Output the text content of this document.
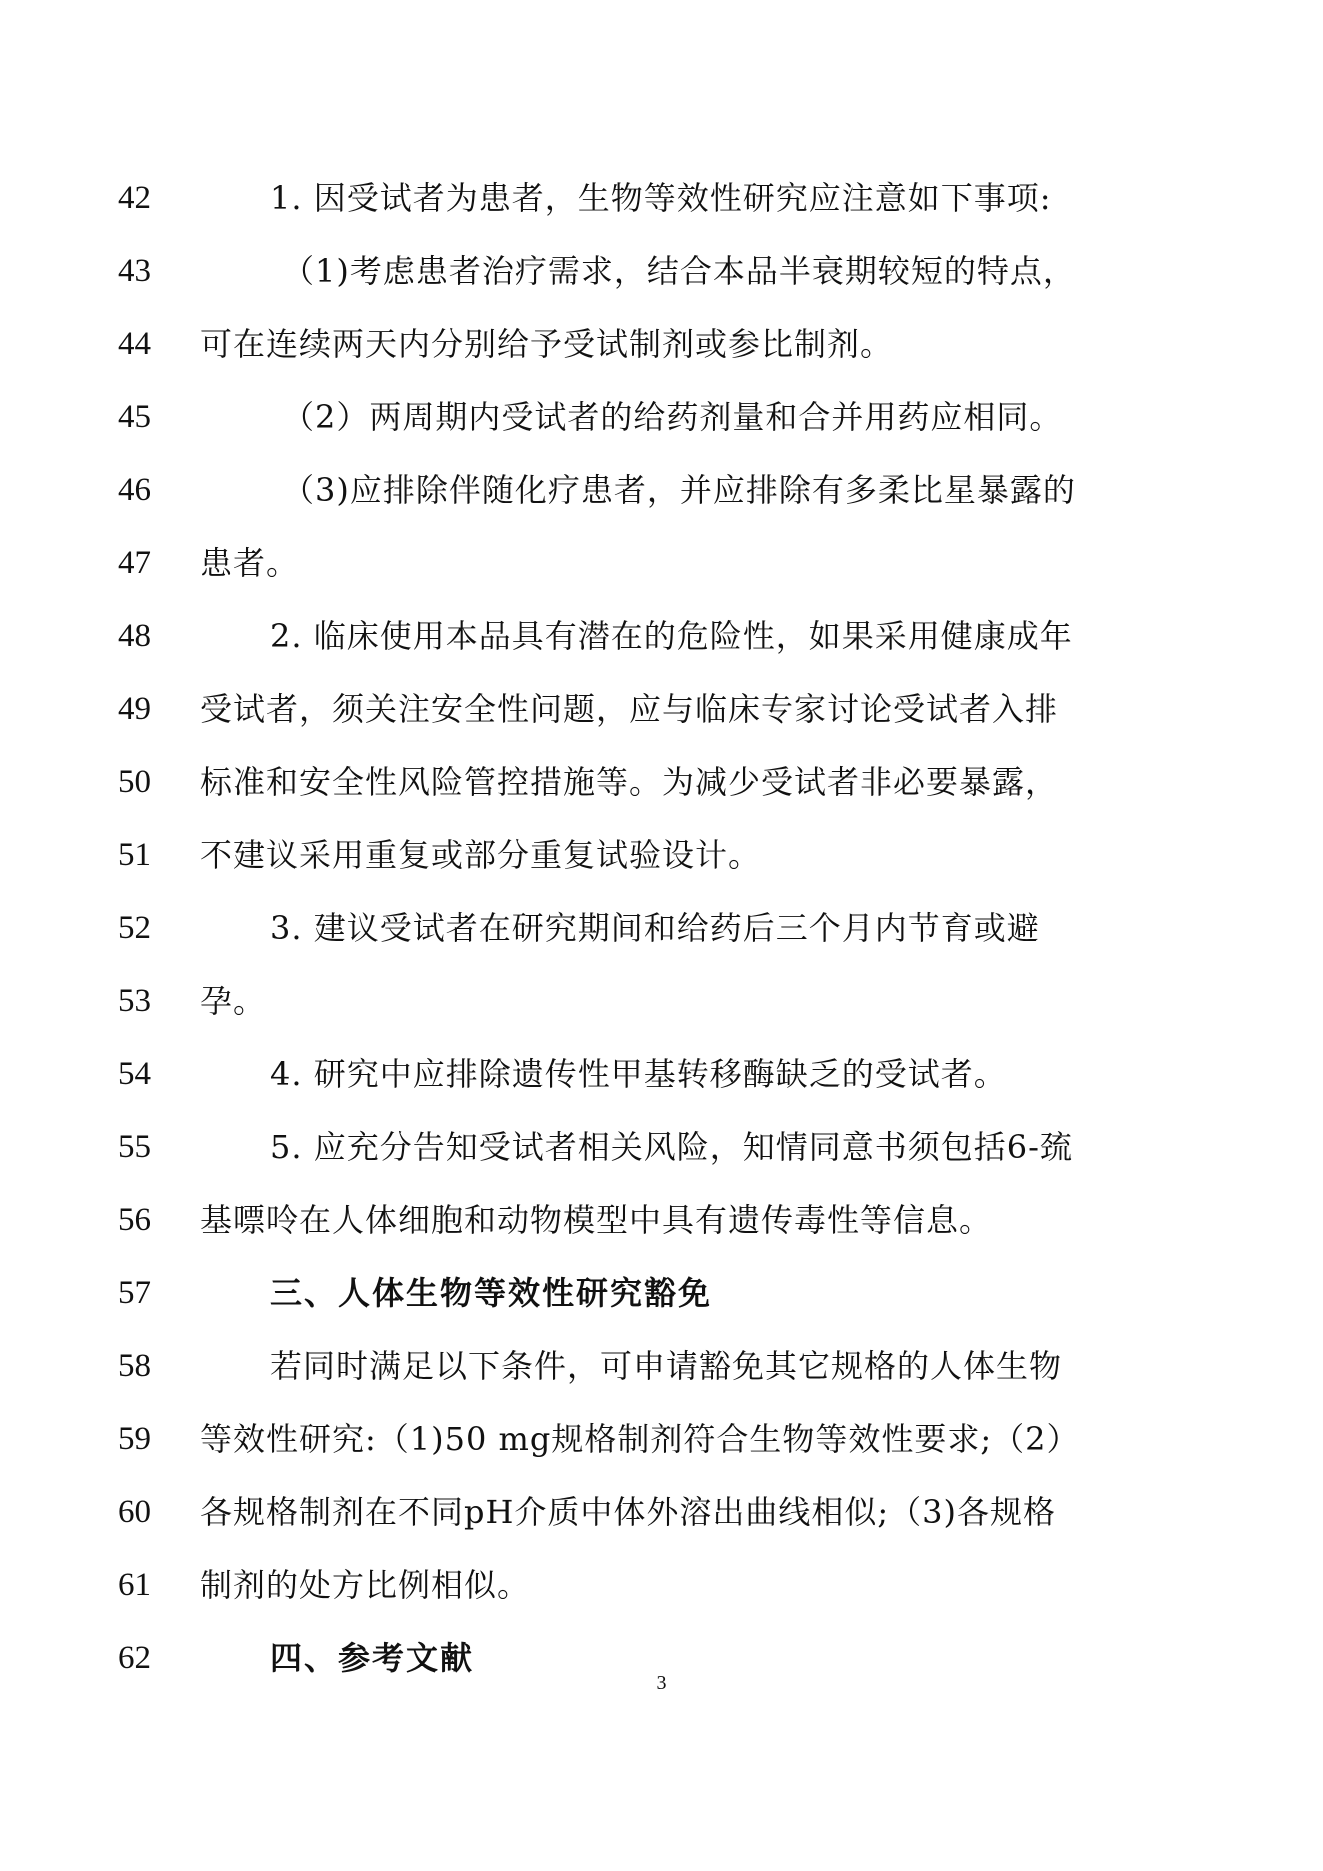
42	1. 因受试者为患者，生物等效性研究应注意如下事项:
43	（1)考虑患者治疗需求，结合本品半衰期较短的特点，
44	可在连续两天内分别给予受试制剂或参比制剂。
45	（2）两周期内受试者的给药剂量和合并用药应相同。
46	（3)应排除伴随化疗患者，并应排除有多柔比星暴露的
47	患者。
48	2. 临床使用本品具有潜在的危险性，如果采用健康成年
49	受试者，须关注安全性问题，应与临床专家讨论受试者入排
50	标准和安全性风险管控措施等。为减少受试者非必要暴露，
51	不建议采用重复或部分重复试验设计。
52	3. 建议受试者在研究期间和给药后三个月内节育或避
53	孕。
54	4. 研究中应排除遗传性甲基转移酶缺乏的受试者。
55	5. 应充分告知受试者相关风险，知情同意书须包括6-巯
56	基嘌呤在人体细胞和动物模型中具有遗传毒性等信息。
57	三、人体生物等效性研究豁免
58	若同时满足以下条件，可申请豁免其它规格的人体生物
59	等效性研究:（1)50 mg规格制剂符合生物等效性要求;（2）
60	各规格制剂在不同pH介质中体外溶出曲线相似;（3)各规格
61	制剂的处方比例相似。
62	四、参考文献
3
